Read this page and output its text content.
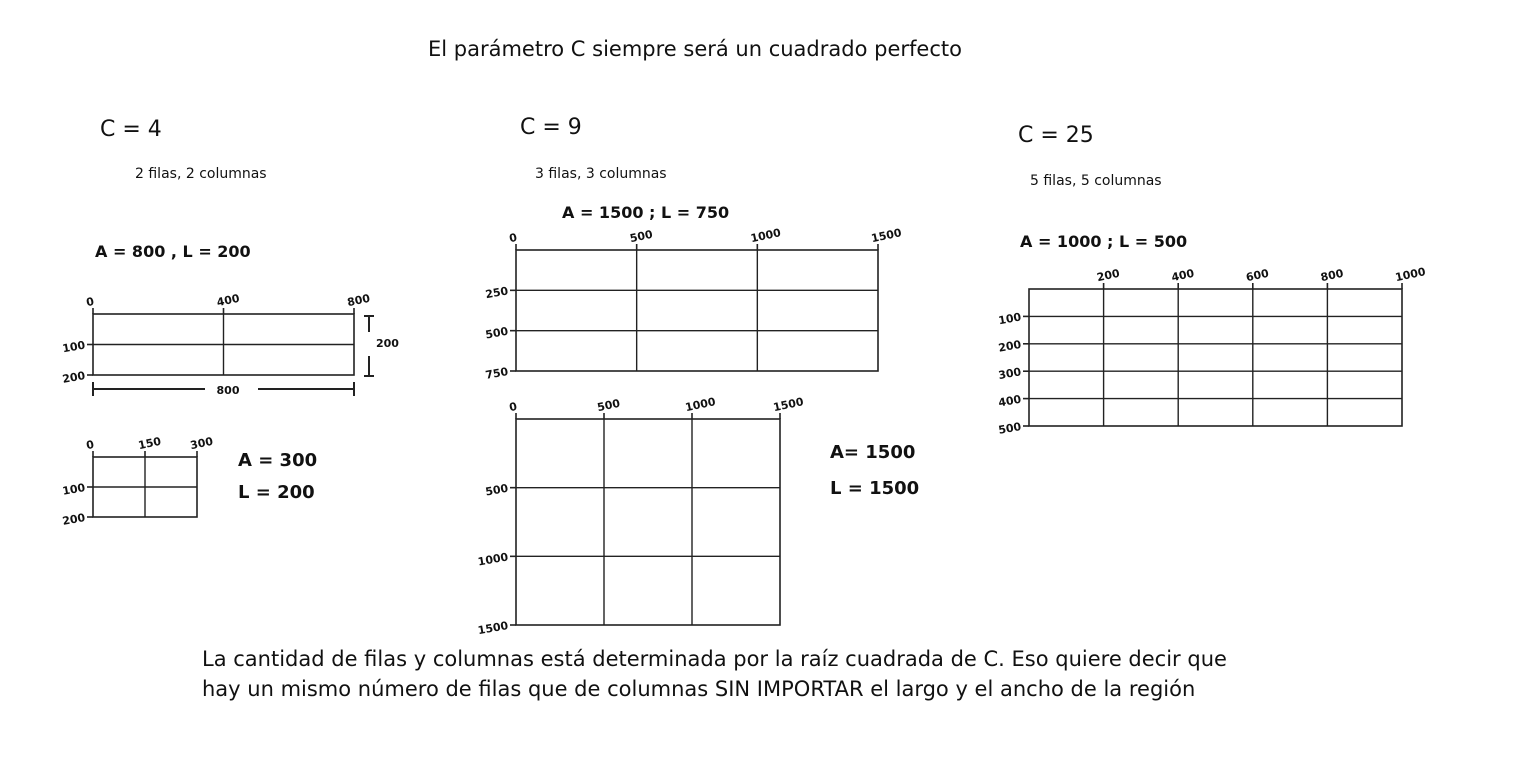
El parámetro C siempre será un cuadrado perfecto
C = 4
2 filas, 2 columnas
A = 800 , L = 200
C = 9
3 filas, 3 columnas
A = 1500 ; L = 750
C = 25
5 filas, 5 columnas
A = 1000 ; L = 500
A = 300
L = 200
A= 1500
L = 1500
La cantidad de filas y columnas está determinada por la raíz cuadrada de C. Eso quiere decir que
hay un mismo número de filas que de columnas SIN IMPORTAR el largo y el ancho de la región
0	400	800
100
200
800
200
0	150 300
100
200
0	500	1000	1500
250
500
750
0	500	1000	1500
500
1000
1500
200	400	600	800	1000
100
200
300
400
500
